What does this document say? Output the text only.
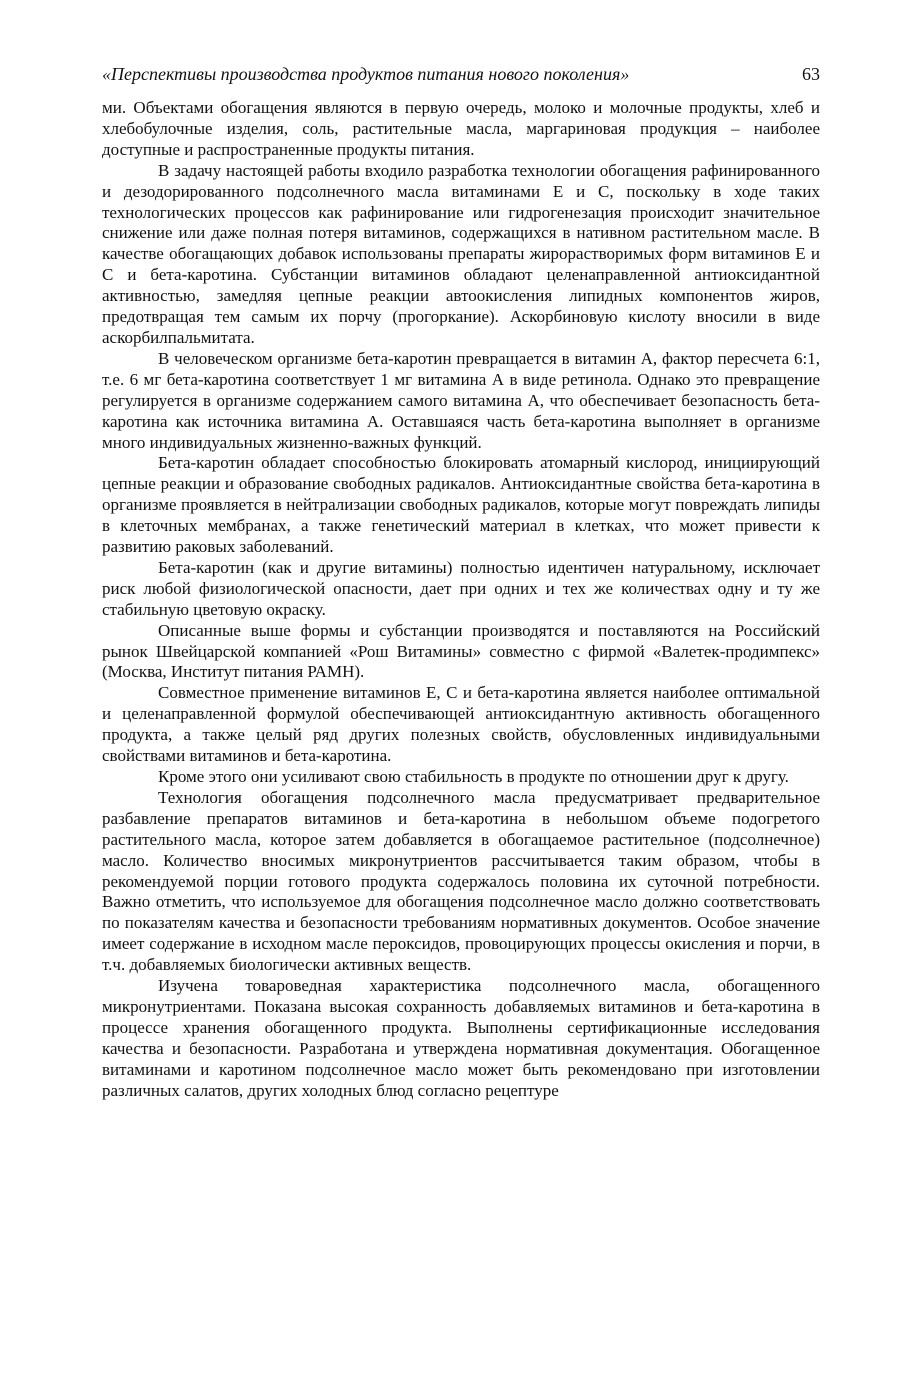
«Перспективы производства продуктов питания нового поколения»	63

ми. Объектами обогащения являются в первую очередь, молоко и молочные продукты, хлеб и хлебобулочные изделия, соль, растительные масла, маргариновая продукция – наиболее доступные и распространенные продукты питания.

В задачу настоящей работы входило разработка технологии обогащения рафинированного и дезодорированного подсолнечного масла витаминами Е и С, поскольку в ходе таких технологических процессов как рафинирование или гидрогенезация происходит значительное снижение или даже полная потеря витаминов, содержащихся в нативном растительном масле. В качестве обогащающих добавок использованы препараты жирорастворимых форм витаминов Е и С и бета-каротина. Субстанции витаминов обладают целенаправленной антиоксидантной активностью, замедляя цепные реакции автоокисления липидных компонентов жиров, предотвращая тем самым их порчу (прогоркание). Аскорбиновую кислоту вносили в виде аскорбилпальмитата.

В человеческом организме бета-каротин превращается в витамин А, фактор пересчета 6:1, т.е. 6 мг бета-каротина соответствует 1 мг витамина А в виде ретинола. Однако это превращение регулируется в организме содержанием самого витамина А, что обеспечивает безопасность бета-каротина как источника витамина А. Оставшаяся часть бета-каротина выполняет в организме много индивидуальных жизненно-важных функций.

Бета-каротин обладает способностью блокировать атомарный кислород, инициирующий цепные реакции и образование свободных радикалов. Антиоксидантные свойства бета-каротина в организме проявляется в нейтрализации свободных радикалов, которые могут повреждать липиды в клеточных мембранах, а также генетический материал в клетках, что может привести к развитию раковых заболеваний.

Бета-каротин (как и другие витамины) полностью идентичен натуральному, исключает риск любой физиологической опасности, дает при одних и тех же количествах одну и ту же стабильную цветовую окраску.

Описанные выше формы и субстанции производятся и поставляются на Российский рынок Швейцарской компанией «Рош Витамины» совместно с фирмой «Валетек-продимпекс» (Москва, Институт питания РАМН).

Совместное применение витаминов Е, С и бета-каротина является наиболее оптимальной и целенаправленной формулой обеспечивающей антиоксидантную активность обогащенного продукта, а также целый ряд других полезных свойств, обусловленных индивидуальными свойствами витаминов и бета-каротина.

Кроме этого они усиливают свою стабильность в продукте по отношении друг к другу.

Технология обогащения подсолнечного масла предусматривает предварительное разбавление препаратов витаминов и бета-каротина в небольшом объеме подогретого растительного масла, которое затем добавляется в обогащаемое растительное (подсолнечное) масло. Количество вносимых микронутриентов рассчитывается таким образом, чтобы в рекомендуемой порции готового продукта содержалось половина их суточной потребности. Важно отметить, что используемое для обогащения подсолнечное масло должно соответствовать по показателям качества и безопасности требованиям нормативных документов. Особое значение имеет содержание в исходном масле пероксидов, провоцирующих процессы окисления и порчи, в т.ч. добавляемых биологически активных веществ.

Изучена товароведная характеристика подсолнечного масла, обогащенного микронутриентами. Показана высокая сохранность добавляемых витаминов и бета-каротина в процессе хранения обогащенного продукта. Выполнены сертификационные исследования качества и безопасности. Разработана и утверждена нормативная документация. Обогащенное витаминами и каротином подсолнечное масло может быть рекомендовано при изготовлении различных салатов, других холодных блюд согласно рецептуре
